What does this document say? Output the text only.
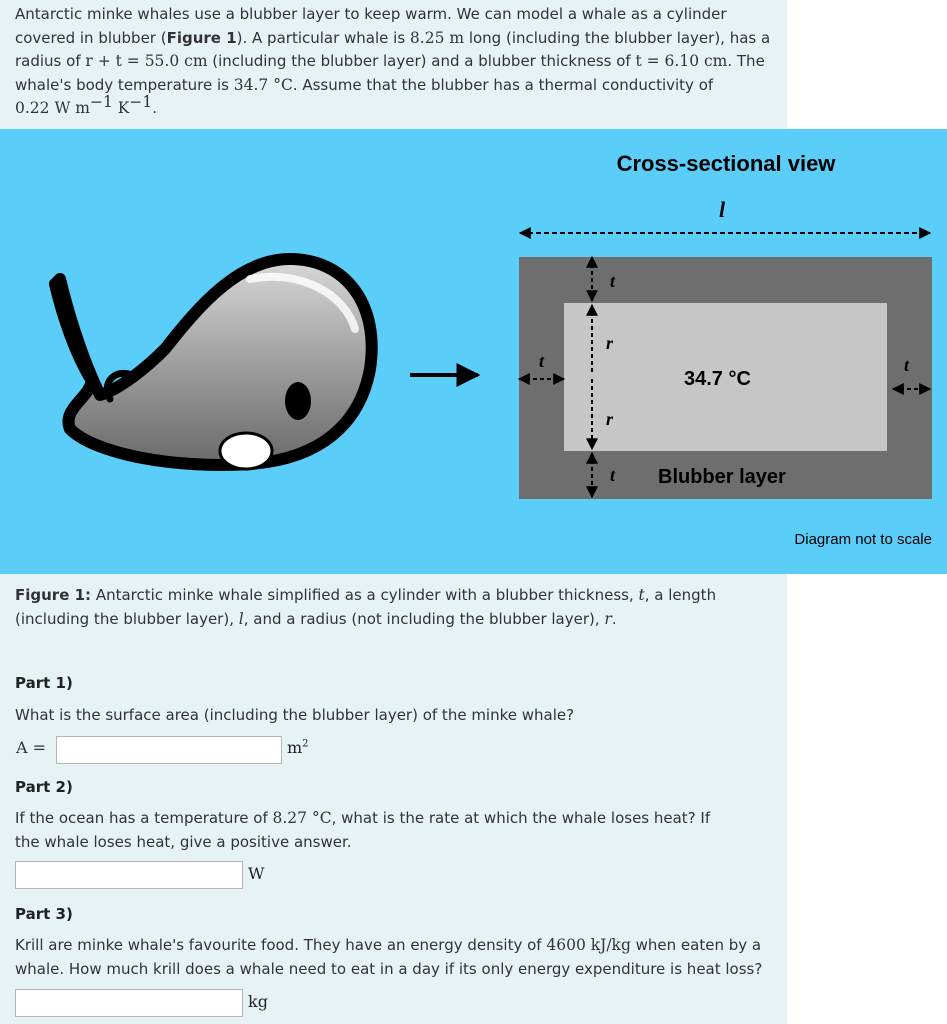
Antarctic minke whales use a blubber layer to keep warm. We can model a whale as a cylinder covered in blubber (Figure 1). A particular whale is 8.25 m long (including the blubber layer), has a radius of r + t = 55.0 cm (including the blubber layer) and a blubber thickness of t = 6.10 cm. The whale's body temperature is 34.7 °C. Assume that the blubber has a thermal conductivity of
0.22 W $m^{-1}$ $K^{-1}$.
Cross-sectional view
l
t
r
r
t
t	t
34.7 °C
Blubber layer
Diagram not to scale
Figure 1: Antarctic minke whale simplified as a cylinder with a blubber thickness, t, a length (including the blubber layer), l, and a radius (not including the blubber layer), r.
Part 1)
What is the surface area (including the blubber layer) of the minke whale?
A =	$m^2$
Part 2)
If the ocean has a temperature of 8.27 °C, what is the rate at which the whale loses heat? If the whale loses heat, give a positive answer.
W
Part 3)
Krill are minke whale's favourite food. They have an energy density of 4600 kJ/kg when eaten by a whale. How much krill does a whale need to eat in a day if its only energy expenditure is heat loss?
kg
